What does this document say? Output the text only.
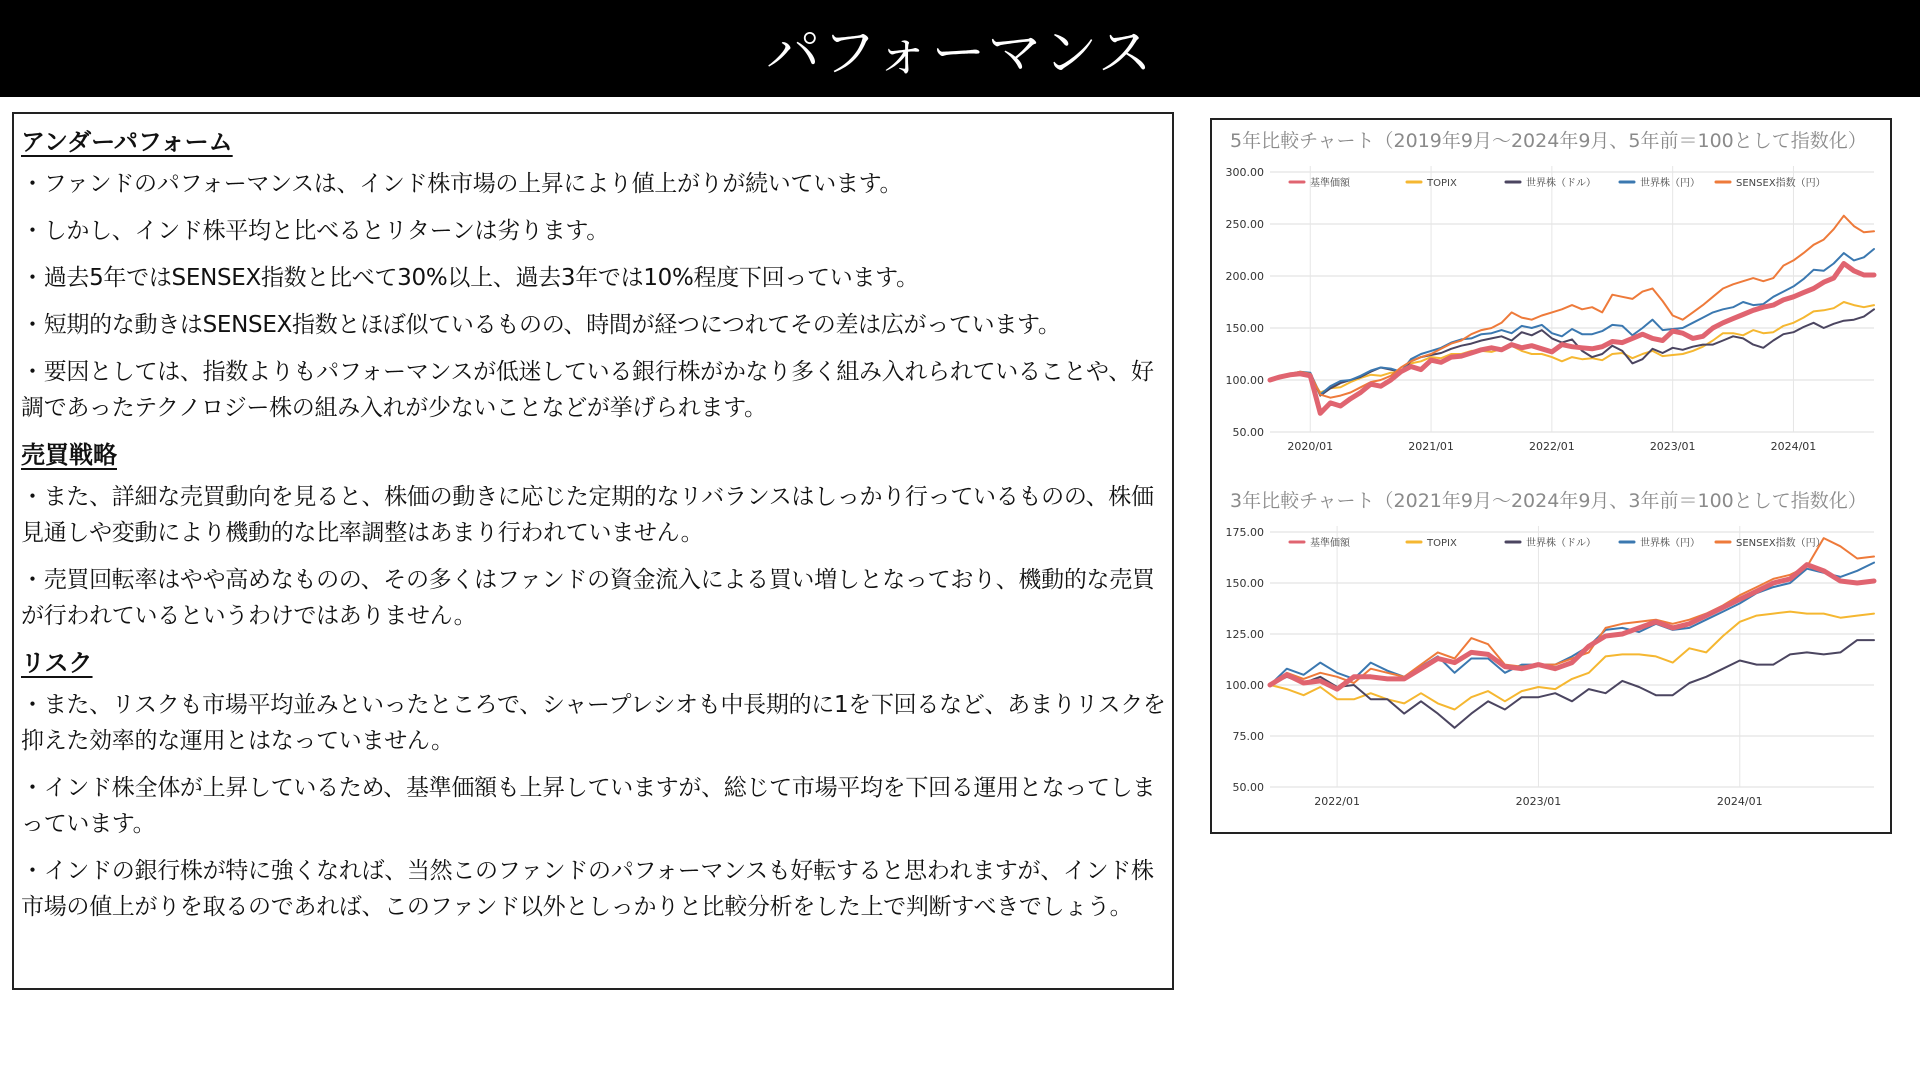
パフォーマンス
アンダーパフォーム

・ファンドのパフォーマンスは、インド株市場の上昇により値上がりが続いています。

・しかし、インド株平均と比べるとリターンは劣ります。

・過去5年ではSENSEX指数と比べて30%以上、過去3年では10%程度下回っています。

・短期的な動きはSENSEX指数とほぼ似ているものの、時間が経つにつれてその差は広がっています。

・要因としては、指数よりもパフォーマンスが低迷している銀行株がかなり多く組み入れられていることや、好調であったテクノロジー株の組み入れが少ないことなどが挙げられます。

売買戦略

・また、詳細な売買動向を見ると、株価の動きに応じた定期的なリバランスはしっかり行っているものの、株価見通しや変動により機動的な比率調整はあまり行われていません。

・売買回転率はやや高めなものの、その多くはファンドの資金流入による買い増しとなっており、機動的な売買が行われているというわけではありません。

リスク

・また、リスクも市場平均並みといったところで、シャープレシオも中長期的に1を下回るなど、あまりリスクを抑えた効率的な運用とはなっていません。

・インド株全体が上昇しているため、基準価額も上昇していますが、総じて市場平均を下回る運用となってしまっています。

・インドの銀行株が特に強くなれば、当然このファンドのパフォーマンスも好転すると思われますが、インド株市場の値上がりを取るのであれば、このファンド以外としっかりと比較分析をした上で判断すべきでしょう。

5年比較チャート（2019年9月～2024年9月、5年前＝100として指数化）
50.00
100.00
150.00
200.00
250.00
300.00
2020/01	2021/01	2022/01	2023/01	2024/01
基準価額	TOPIX	世界株（ドル）	世界株（円）	SENSEX指数（円）
3年比較チャート（2021年9月～2024年9月、3年前＝100として指数化）
50.00
75.00
100.00
125.00
150.00
175.00
2022/01	2023/01	2024/01
基準価額	TOPIX	世界株（ドル）	世界株（円）	SENSEX指数（円）
